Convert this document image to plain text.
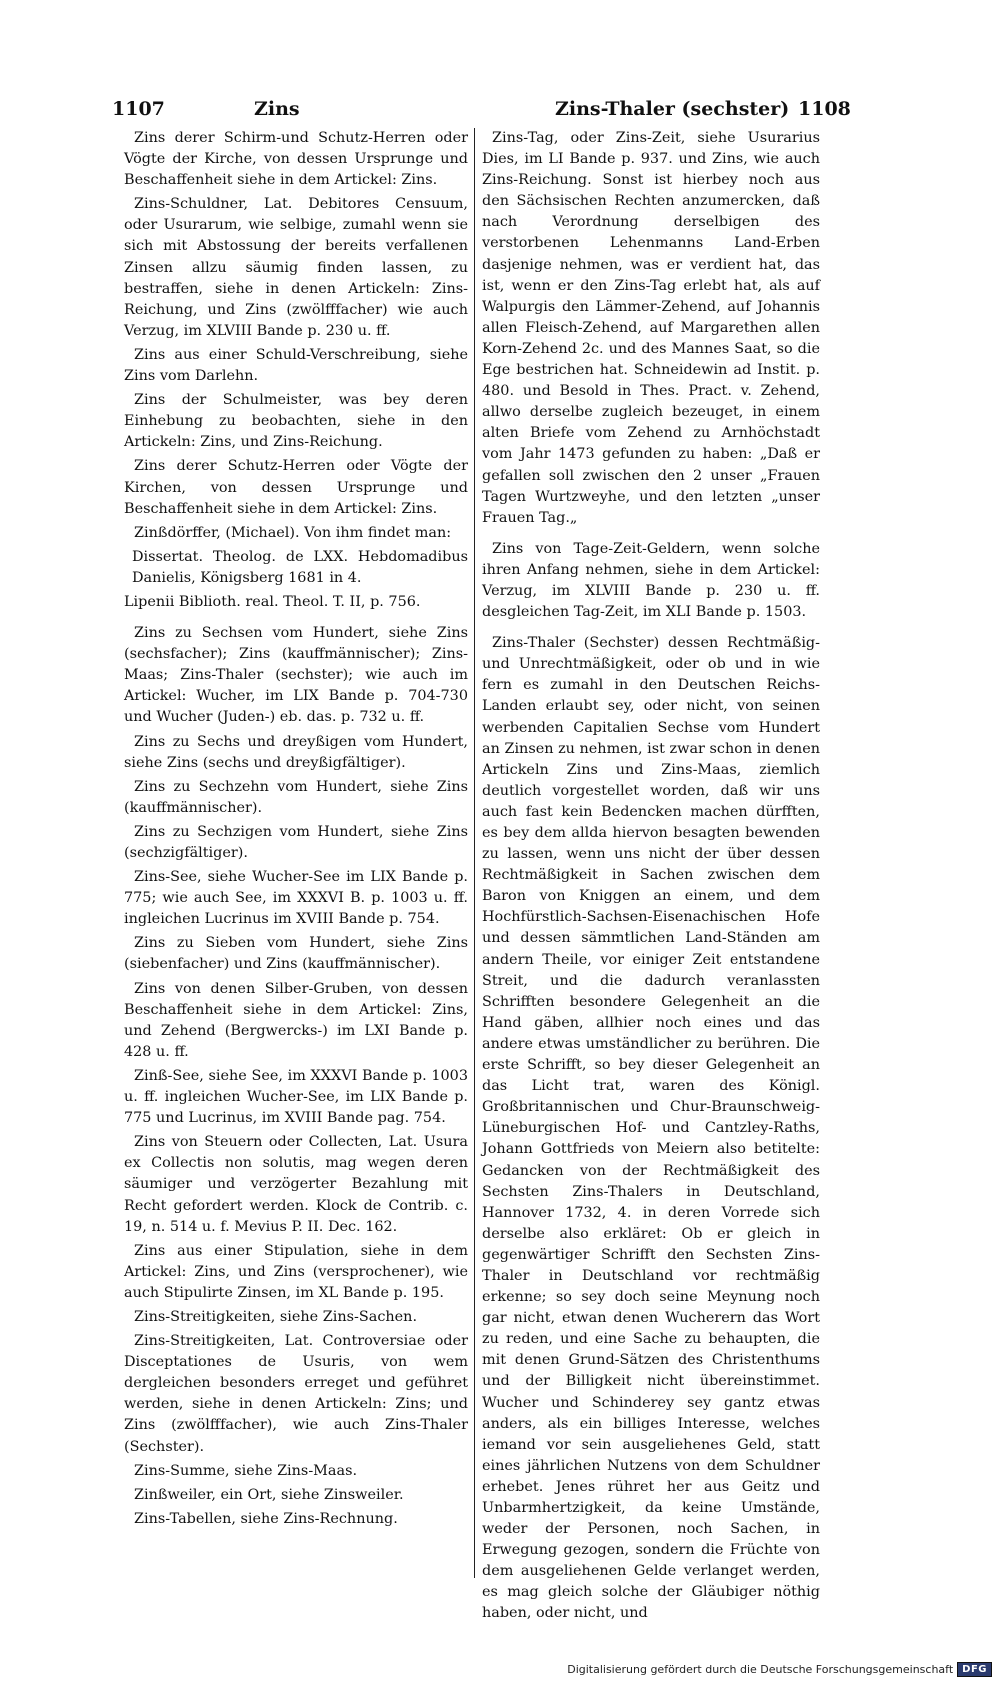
1107	Zins	Zins-Thaler (sechster) 1108

Zins derer Schirm-und Schutz-Herren oder Vögte der Kirche, von dessen Ursprunge und Beschaffenheit siehe in dem Artickel: Zins.

Zins-Schuldner, Lat. Debitores Censuum, oder Usurarum, wie selbige, zumahl wenn sie sich mit Abstossung der bereits verfallenen Zinsen allzu säumig finden lassen, zu bestraffen, siehe in denen Artickeln: Zins-Reichung, und Zins (zwölfffacher) wie auch Verzug, im XLVIII Bande p. 230 u. ff.

Zins aus einer Schuld-Verschreibung, siehe Zins vom Darlehn.

Zins der Schulmeister, was bey deren Einhebung zu beobachten, siehe in den Artickeln: Zins, und Zins-Reichung.

Zins derer Schutz-Herren oder Vögte der Kirchen, von dessen Ursprunge und Beschaffenheit siehe in dem Artickel: Zins.

Zinßdörffer, (Michael). Von ihm findet man:

Dissertat. Theolog. de LXX. Hebdomadibus Danielis, Königsberg 1681 in 4.

Lipenii Biblioth. real. Theol. T. II, p. 756.

Zins zu Sechsen vom Hundert, siehe Zins (sechsfacher); Zins (kauffmännischer); Zins-Maas; Zins-Thaler (sechster); wie auch im Artickel: Wucher, im LIX Bande p. 704-730 und Wucher (Juden-) eb. das. p. 732 u. ff.

Zins zu Sechs und dreyßigen vom Hundert, siehe Zins (sechs und dreyßigfältiger).

Zins zu Sechzehn vom Hundert, siehe Zins (kauffmännischer).

Zins zu Sechzigen vom Hundert, siehe Zins (sechzigfältiger).

Zins-See, siehe Wucher-See im LIX Bande p. 775; wie auch See, im XXXVI B. p. 1003 u. ff. ingleichen Lucrinus im XVIII Bande p. 754.

Zins zu Sieben vom Hundert, siehe Zins (siebenfacher) und Zins (kauffmännischer).

Zins von denen Silber-Gruben, von dessen Beschaffenheit siehe in dem Artickel: Zins, und Zehend (Bergwercks-) im LXI Bande p. 428 u. ff.

Zinß-See, siehe See, im XXXVI Bande p. 1003 u. ff. ingleichen Wucher-See, im LIX Bande p. 775 und Lucrinus, im XVIII Bande pag. 754.

Zins von Steuern oder Collecten, Lat. Usura ex Collectis non solutis, mag wegen deren säumiger und verzögerter Bezahlung mit Recht gefordert werden. Klock de Contrib. c. 19, n. 514 u. f. Mevius P. II. Dec. 162.

Zins aus einer Stipulation, siehe in dem Artickel: Zins, und Zins (versprochener), wie auch Stipulirte Zinsen, im XL Bande p. 195.

Zins-Streitigkeiten, siehe Zins-Sachen.

Zins-Streitigkeiten, Lat. Controversiae oder Disceptationes de Usuris, von wem dergleichen besonders erreget und geführet werden, siehe in denen Artickeln: Zins; und Zins (zwölfffacher), wie auch Zins-Thaler (Sechster).

Zins-Summe, siehe Zins-Maas.

Zinßweiler, ein Ort, siehe Zinsweiler.

Zins-Tabellen, siehe Zins-Rechnung.

Zins-Tag, oder Zins-Zeit, siehe Usurarius Dies, im LI Bande p. 937. und Zins, wie auch Zins-Reichung. Sonst ist hierbey noch aus den Sächsischen Rechten anzumercken, daß nach Verordnung derselbigen des verstorbenen Lehenmanns Land-Erben dasjenige nehmen, was er verdient hat, das ist, wenn er den Zins-Tag erlebt hat, als auf Walpurgis den Lämmer-Zehend, auf Johannis allen Fleisch-Zehend, auf Margarethen allen Korn-Zehend 2c. und des Mannes Saat, so die Ege bestrichen hat. Schneidewin ad Instit. p. 480. und Besold in Thes. Pract. v. Zehend, allwo derselbe zugleich bezeuget, in einem alten Briefe vom Zehend zu Arnhöchstadt vom Jahr 1473 gefunden zu haben: „Daß er gefallen soll zwischen den 2 unser „Frauen Tagen Wurtzweyhe, und den letzten „unser Frauen Tag.„

Zins von Tage-Zeit-Geldern, wenn solche ihren Anfang nehmen, siehe in dem Artickel: Verzug, im XLVIII Bande p. 230 u. ff. desgleichen Tag-Zeit, im XLI Bande p. 1503.

Zins-Thaler (Sechster) dessen Rechtmäßig- und Unrechtmäßigkeit, oder ob und in wie fern es zumahl in den Deutschen Reichs-Landen erlaubt sey, oder nicht, von seinen werbenden Capitalien Sechse vom Hundert an Zinsen zu nehmen, ist zwar schon in denen Artickeln Zins und Zins-Maas, ziemlich deutlich vorgestellet worden, daß wir uns auch fast kein Bedencken machen dürfften, es bey dem allda hiervon besagten bewenden zu lassen, wenn uns nicht der über dessen Rechtmäßigkeit in Sachen zwischen dem Baron von Kniggen an einem, und dem Hochfürstlich-Sachsen-Eisenachischen Hofe und dessen sämmtlichen Land-Ständen am andern Theile, vor einiger Zeit entstandene Streit, und die dadurch veranlassten Schrifften besondere Gelegenheit an die Hand gäben, allhier noch eines und das andere etwas umständlicher zu berühren. Die erste Schrifft, so bey dieser Gelegenheit an das Licht trat, waren des Königl. Großbritannischen und Chur-Braunschweig-Lüneburgischen Hof- und Cantzley-Raths, Johann Gottfrieds von Meiern also betitelte: Gedancken von der Rechtmäßigkeit des Sechsten Zins-Thalers in Deutschland, Hannover 1732, 4. in deren Vorrede sich derselbe also erkläret: Ob er gleich in gegenwärtiger Schrifft den Sechsten Zins-Thaler in Deutschland vor rechtmäßig erkenne; so sey doch seine Meynung noch gar nicht, etwan denen Wucherern das Wort zu reden, und eine Sache zu behaupten, die mit denen Grund-Sätzen des Christenthums und der Billigkeit nicht übereinstimmet. Wucher und Schinderey sey gantz etwas anders, als ein billiges Interesse, welches iemand vor sein ausgeliehenes Geld, statt eines jährlichen Nutzens von dem Schuldner erhebet. Jenes rühret her aus Geitz und Unbarmhertzigkeit, da keine Umstände, weder der Personen, noch Sachen, in Erwegung gezogen, sondern die Früchte von dem ausgeliehenen Gelde verlanget werden, es mag gleich solche der Gläubiger nöthig haben, oder nicht, und

Digitalisierung gefördert durch die Deutsche Forschungsgemeinschaft DFG
